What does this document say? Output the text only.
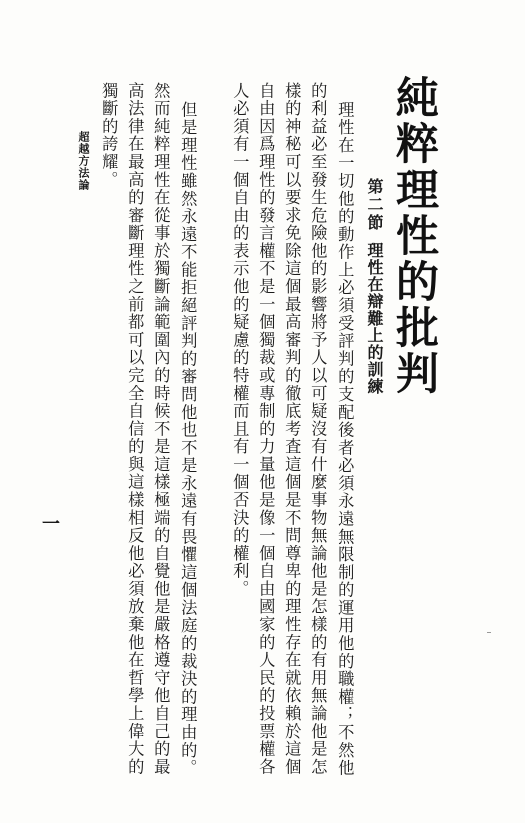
純粹理性的批判
第二節理性在辯難上的訓練
理性在一切他的動作上必須受評判的支配後者必須永遠無限制的運用他的職權；不然他
的利益必至發生危險他的影響將予人以可疑沒有什麼事物無論他是怎樣的有用無論他是怎
樣的神秘可以要求免除這個最高審判的徹底考査這個是不問尊卑的理性存在就依賴於這個
自由因爲理性的發言權不是一個獨裁或專制的力量他是像一個自由國家的人民的投票權各
人必須有一個自由的表示他的疑慮的特權而且有一個否決的權利。
但是理性雖然永遠不能拒絕評判的審問他也不是永遠有畏懼這個法庭的裁決的理由的。
然而純粹理性在從事於獨斷論範圍內的時候不是這樣極端的自覺他是嚴格遵守他自己的最
高法律在最高的審斷理性之前都可以完全自信的與這樣相反他必須放棄他在哲學上偉大的
獨斷的誇耀。
超越方法論
一
